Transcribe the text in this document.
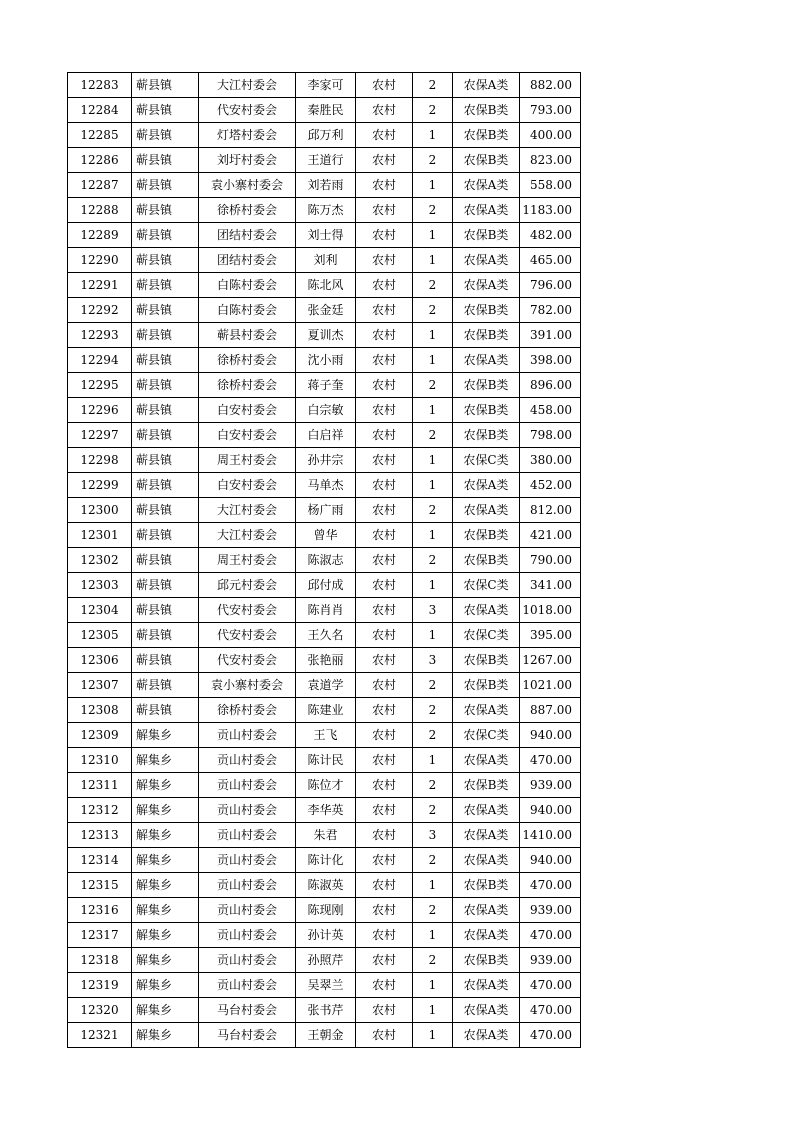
12283	蕲县镇	大江村委会	李家可	农村	2	农保A类	882.00
12284	蕲县镇	代安村委会	秦胜民	农村	2	农保B类	793.00
12285	蕲县镇	灯塔村委会	邱万利	农村	1	农保B类	400.00
12286	蕲县镇	刘圩村委会	王道行	农村	2	农保B类	823.00
12287	蕲县镇	袁小寨村委会	刘若雨	农村	1	农保A类	558.00
12288	蕲县镇	徐桥村委会	陈万杰	农村	2	农保A类	1183.00
12289	蕲县镇	团结村委会	刘士得	农村	1	农保B类	482.00
12290	蕲县镇	团结村委会	刘利	农村	1	农保A类	465.00
12291	蕲县镇	白陈村委会	陈北风	农村	2	农保A类	796.00
12292	蕲县镇	白陈村委会	张金廷	农村	2	农保B类	782.00
12293	蕲县镇	蕲县村委会	夏训杰	农村	1	农保B类	391.00
12294	蕲县镇	徐桥村委会	沈小雨	农村	1	农保A类	398.00
12295	蕲县镇	徐桥村委会	蒋子奎	农村	2	农保B类	896.00
12296	蕲县镇	白安村委会	白宗敏	农村	1	农保B类	458.00
12297	蕲县镇	白安村委会	白启祥	农村	2	农保B类	798.00
12298	蕲县镇	周王村委会	孙井宗	农村	1	农保C类	380.00
12299	蕲县镇	白安村委会	马单杰	农村	1	农保A类	452.00
12300	蕲县镇	大江村委会	杨广雨	农村	2	农保A类	812.00
12301	蕲县镇	大江村委会	曾华	农村	1	农保B类	421.00
12302	蕲县镇	周王村委会	陈淑志	农村	2	农保B类	790.00
12303	蕲县镇	邱元村委会	邱付成	农村	1	农保C类	341.00
12304	蕲县镇	代安村委会	陈肖肖	农村	3	农保A类	1018.00
12305	蕲县镇	代安村委会	王久名	农村	1	农保C类	395.00
12306	蕲县镇	代安村委会	张艳丽	农村	3	农保B类	1267.00
12307	蕲县镇	袁小寨村委会	袁道学	农村	2	农保B类	1021.00
12308	蕲县镇	徐桥村委会	陈建业	农村	2	农保A类	887.00
12309	解集乡	贡山村委会	王飞	农村	2	农保C类	940.00
12310	解集乡	贡山村委会	陈计民	农村	1	农保A类	470.00
12311	解集乡	贡山村委会	陈位才	农村	2	农保B类	939.00
12312	解集乡	贡山村委会	李华英	农村	2	农保A类	940.00
12313	解集乡	贡山村委会	朱君	农村	3	农保A类	1410.00
12314	解集乡	贡山村委会	陈计化	农村	2	农保A类	940.00
12315	解集乡	贡山村委会	陈淑英	农村	1	农保B类	470.00
12316	解集乡	贡山村委会	陈现刚	农村	2	农保A类	939.00
12317	解集乡	贡山村委会	孙计英	农村	1	农保A类	470.00
12318	解集乡	贡山村委会	孙照芹	农村	2	农保B类	939.00
12319	解集乡	贡山村委会	吴翠兰	农村	1	农保A类	470.00
12320	解集乡	马台村委会	张书芹	农村	1	农保A类	470.00
12321	解集乡	马台村委会	王朝金	农村	1	农保A类	470.00
